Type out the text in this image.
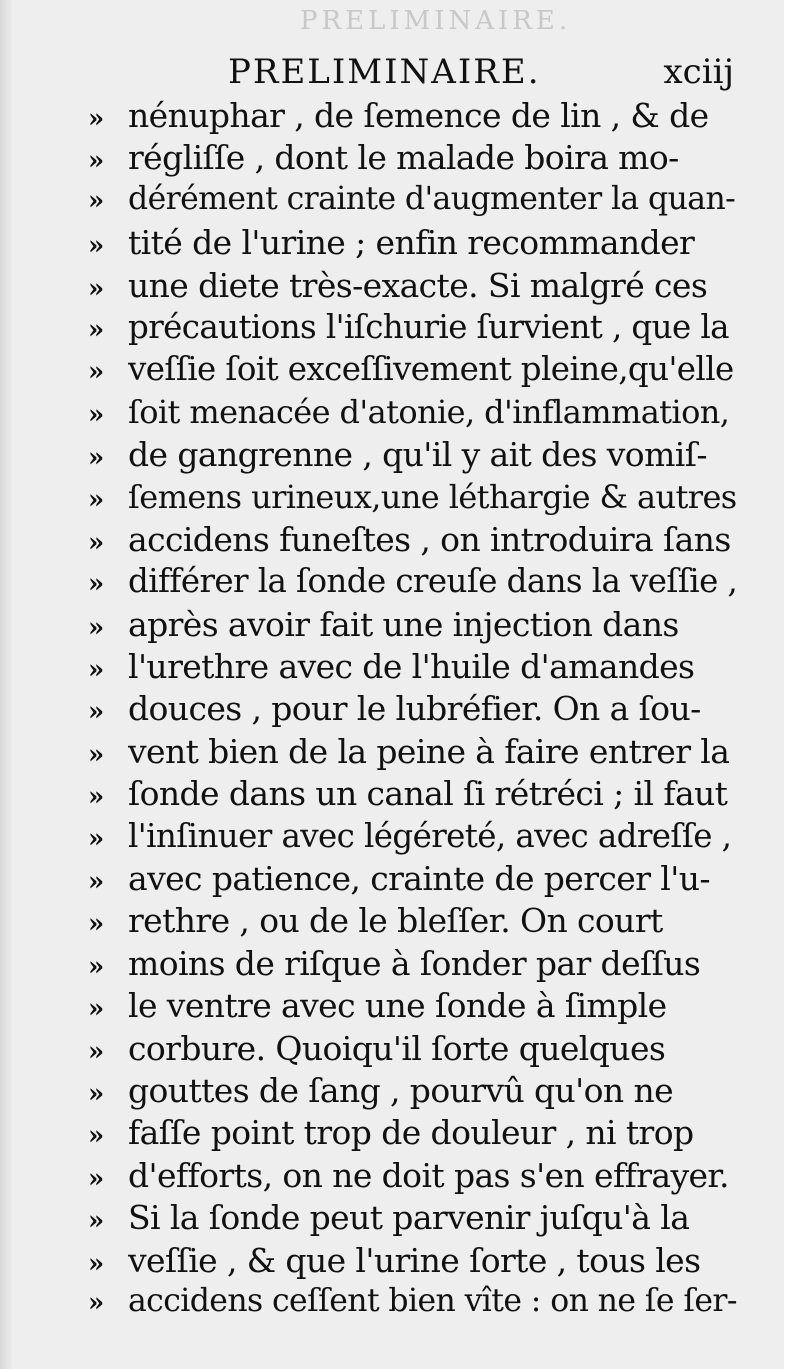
PRELIMINAIRE.
PRELIMINAIRE.	xciij
» nénuphar , de ſemence de lin , & de
» régliſſe , dont le malade boira mo-
» dérément crainte d'augmenter la quan-
» tité de l'urine ; enfin recommander
» une diete très-exacte. Si malgré ces
» précautions l'iſchurie ſurvient , que la
» veſſie ſoit exceſſivement pleine,qu'elle
» ſoit menacée d'atonie, d'inflammation,
» de gangrenne , qu'il y ait des vomiſ-
» ſemens urineux,une léthargie & autres
» accidens funeſtes , on introduira ſans
» différer la ſonde creuſe dans la veſſie ,
» après avoir fait une injection dans
» l'urethre avec de l'huile d'amandes
» douces , pour le lubréfier. On a ſou-
» vent bien de la peine à faire entrer la
» ſonde dans un canal ſi rétréci ; il faut
» l'inſinuer avec légéreté, avec adreſſe ,
» avec patience, crainte de percer l'u-
» rethre , ou de le bleſſer. On court
» moins de riſque à ſonder par deſſus
» le ventre avec une ſonde à ſimple
» corbure. Quoiqu'il ſorte quelques
» gouttes de ſang , pourvû qu'on ne
» faſſe point trop de douleur , ni trop
» d'efforts, on ne doit pas s'en effrayer.
» Si la ſonde peut parvenir juſqu'à la
» veſſie , & que l'urine ſorte , tous les
» accidens ceſſent bien vîte : on ne ſe ſer-
